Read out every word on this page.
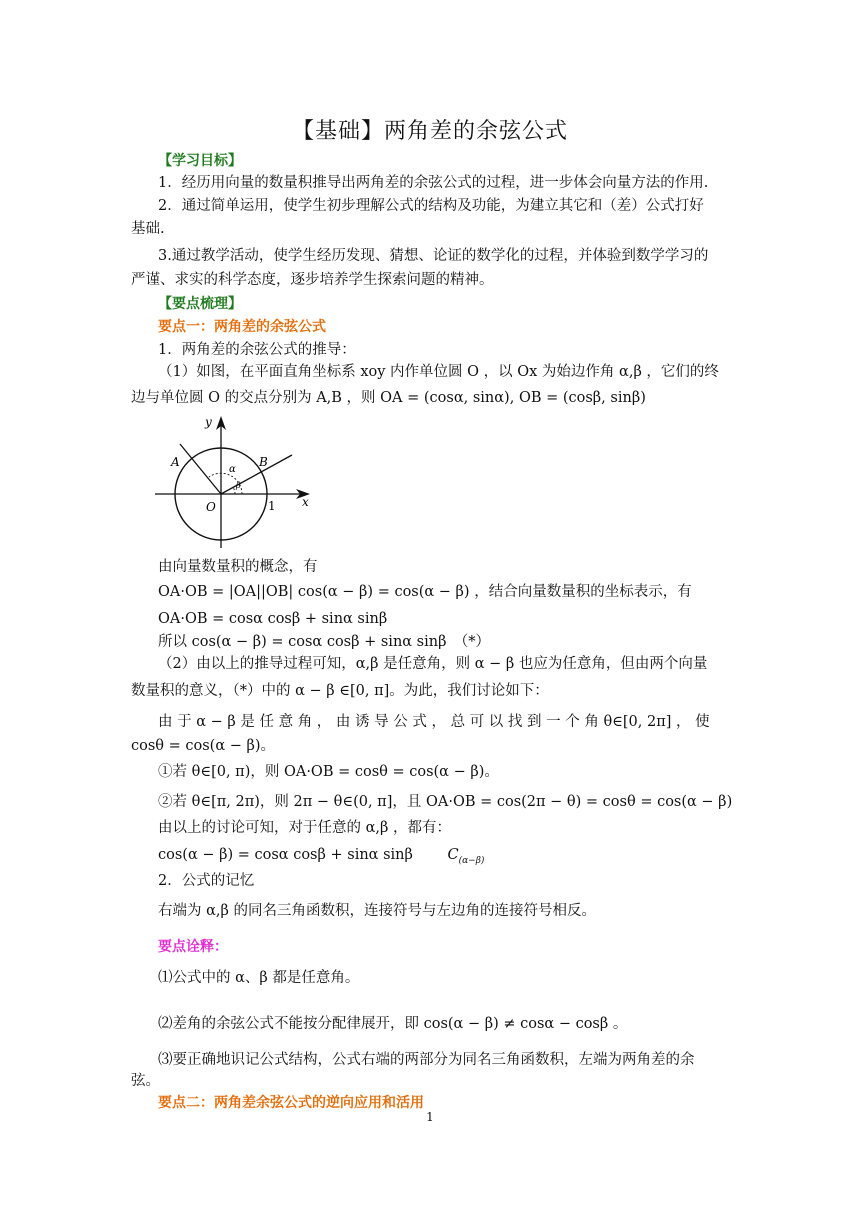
【基础】两角差的余弦公式
【学习目标】
1．经历用向量的数量积推导出两角差的余弦公式的过程，进一步体会向量方法的作用.
2．通过简单运用，使学生初步理解公式的结构及功能，为建立其它和（差）公式打好
基础.
3.通过教学活动，使学生经历发现、猜想、论证的数学化的过程，并体验到数学学习的
严谨、求实的科学态度，逐步培养学生探索问题的精神。
【要点梳理】
要点一：两角差的余弦公式
1．两角差的余弦公式的推导：
（1）如图，在平面直角坐标系 xoy 内作单位圆 O ，以 Ox 为始边作角 α,β ，它们的终
边与单位圆 O 的交点分别为 A,B ，则 OA = (cosα, sinα), OB = (cosβ, sinβ)
y
x
O	1
A	B
α
β
由向量数量积的概念，有
OA·OB = |OA||OB| cos(α − β) = cos(α − β) ，结合向量数量积的坐标表示，有
OA·OB = cosα cosβ + sinα sinβ
所以 cos(α − β) = cosα cosβ + sinα sinβ　（*）
（2）由以上的推导过程可知，α,β 是任意角，则 α − β 也应为任意角，但由两个向量
数量积的意义，（*）中的 α − β ∈[0, π]。为此，我们讨论如下：
由 于 α − β 是 任 意 角 ， 由 诱 导 公 式 ， 总 可 以 找 到 一 个 角 θ∈[0, 2π] ， 使
cosθ = cos(α − β)。
①若 θ∈[0, π)，则 OA·OB = cosθ = cos(α − β)。
②若 θ∈[π, 2π)，则 2π − θ∈(0, π]，且 OA·OB = cos(2π − θ) = cosθ = cos(α − β)
由以上的讨论可知，对于任意的 α,β ，都有：
cos(α − β) = cosα cosβ + sinα sinβ $C_{(\alpha-\beta)}$
2．公式的记忆
右端为 α,β 的同名三角函数积，连接符号与左边角的连接符号相反。
要点诠释：
⑴公式中的 α、β 都是任意角。
⑵差角的余弦公式不能按分配律展开，即 cos(α − β) ≠ cosα − cosβ 。
⑶要正确地识记公式结构，公式右端的两部分为同名三角函数积，左端为两角差的余
弦。
要点二：两角差余弦公式的逆向应用和活用
1
